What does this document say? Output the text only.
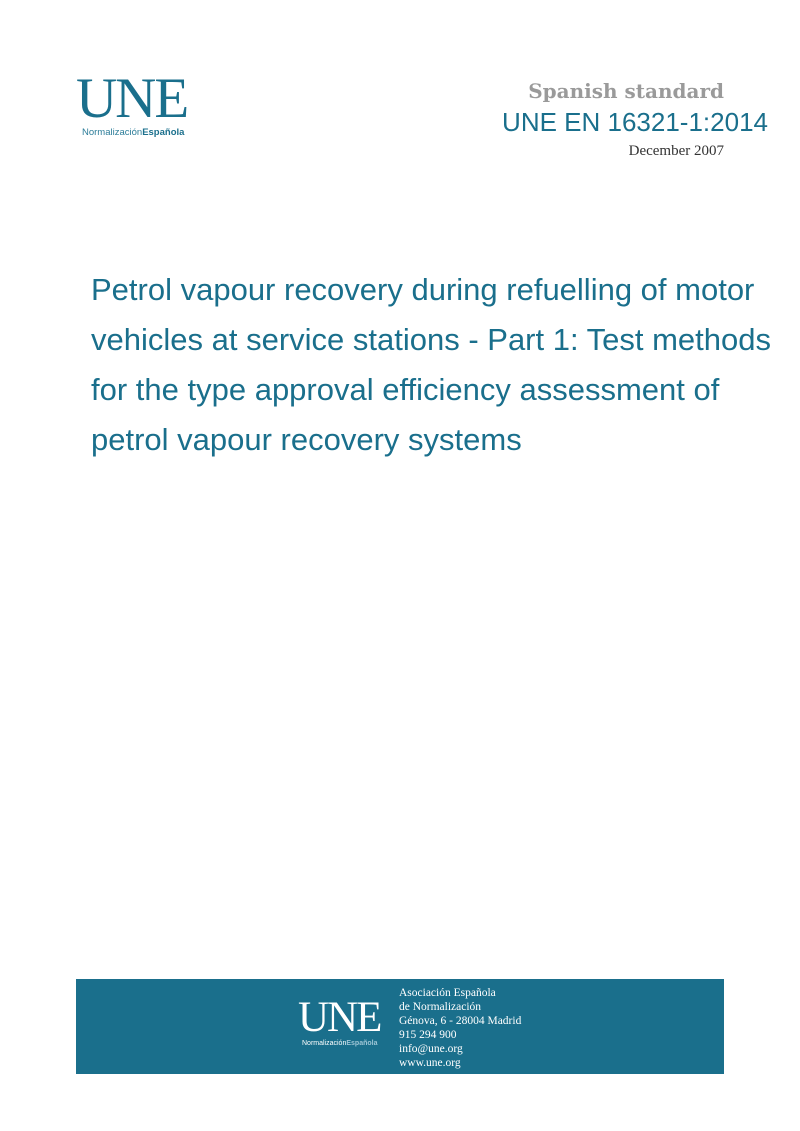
UNE
NormalizaciónEspañola
Spanish standard
UNE EN 16321-1:2014
December 2007
Petrol vapour recovery during refuelling of motor vehicles at service stations - Part 1: Test methods for the type approval efficiency assessment of petrol vapour recovery systems
UNE
NormalizaciónEspañola
Asociación Española
de Normalización
Génova, 6 - 28004 Madrid
915 294 900
info@une.org
www.une.org
